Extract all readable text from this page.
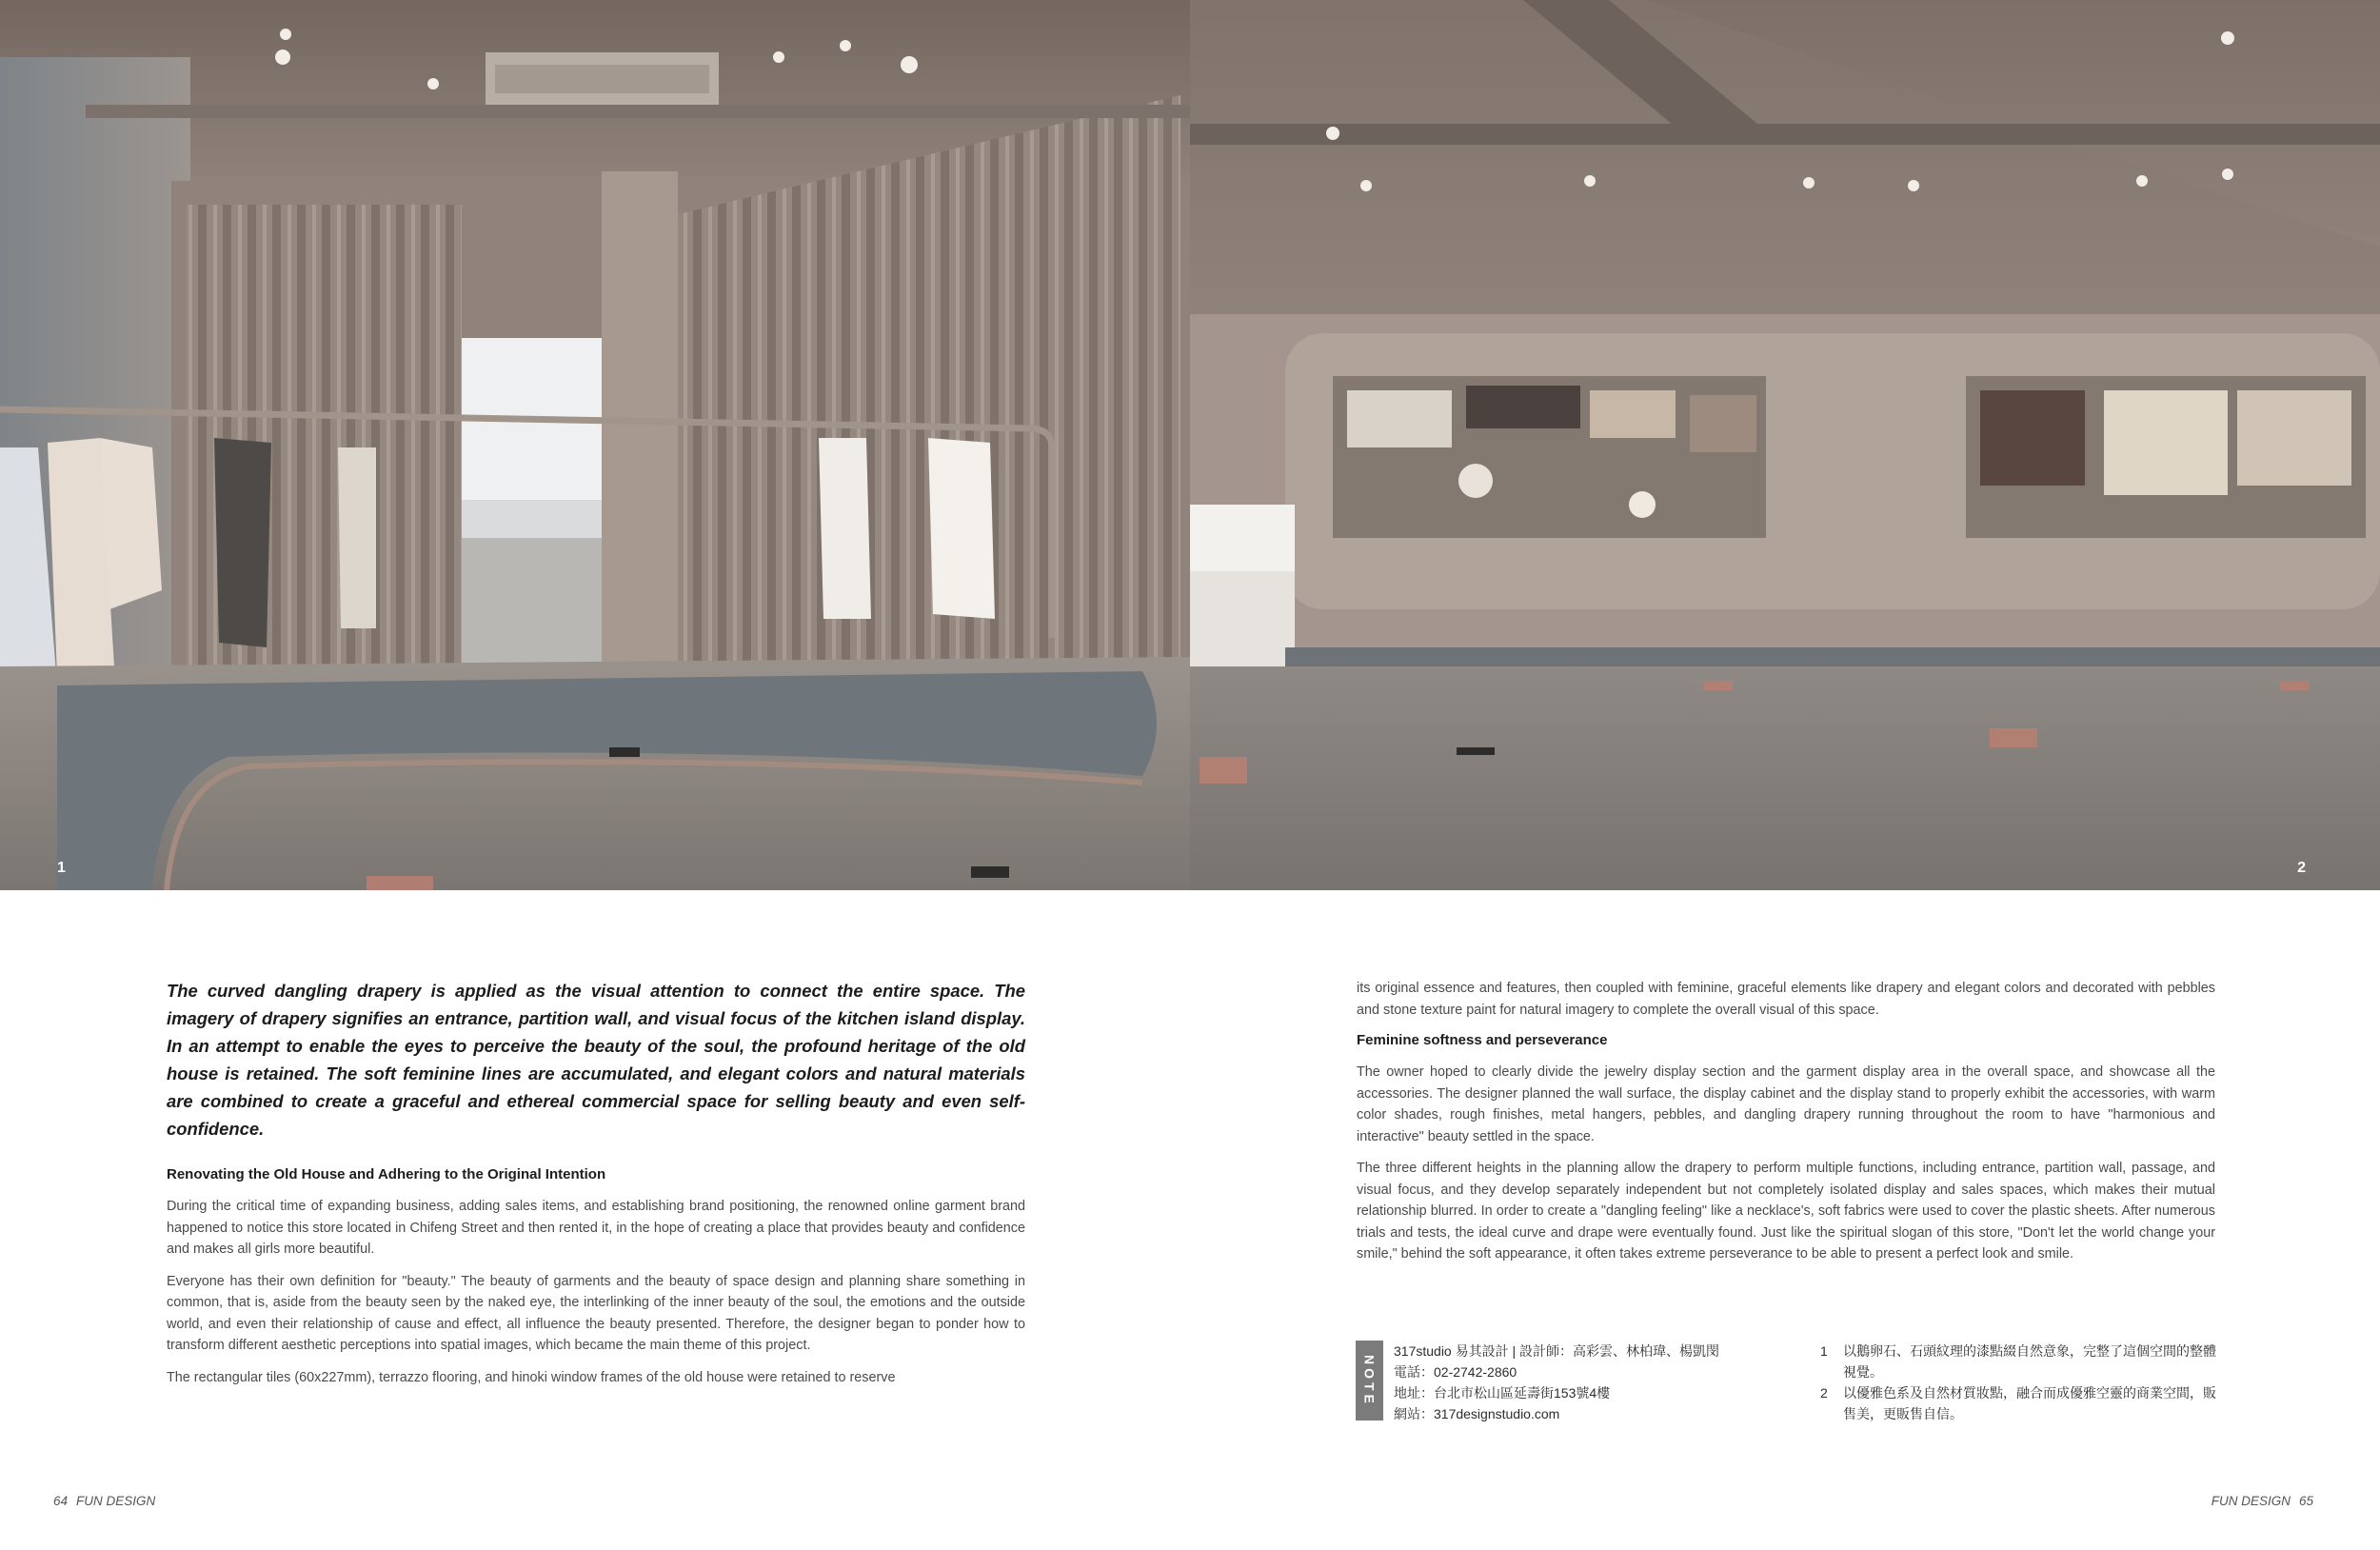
1	2

The curved dangling drapery is applied as the visual attention to connect the entire space. The imagery of drapery signifies an entrance, partition wall, and visual focus of the kitchen island display. In an attempt to enable the eyes to perceive the beauty of the soul, the profound heritage of the old house is retained. The soft feminine lines are accumulated, and elegant colors and natural materials are combined to create a graceful and ethereal commercial space for selling beauty and even self-confidence.

Renovating the Old House and Adhering to the Original Intention

During the critical time of expanding business, adding sales items, and establishing brand positioning, the renowned online garment brand happened to notice this store located in Chifeng Street and then rented it, in the hope of creating a place that provides beauty and confidence and makes all girls more beautiful.

Everyone has their own definition for "beauty." The beauty of garments and the beauty of space design and planning share something in common, that is, aside from the beauty seen by the naked eye, the interlinking of the inner beauty of the soul, the emotions and the outside world, and even their relationship of cause and effect, all influence the beauty presented. Therefore, the designer began to ponder how to transform different aesthetic perceptions into spatial images, which became the main theme of this project.

The rectangular tiles (60x227mm), terrazzo flooring, and hinoki window frames of the old house were retained to reserve

its original essence and features, then coupled with feminine, graceful elements like drapery and elegant colors and decorated with pebbles and stone texture paint for natural imagery to complete the overall visual of this space.

Feminine softness and perseverance

The owner hoped to clearly divide the jewelry display section and the garment display area in the overall space, and showcase all the accessories. The designer planned the wall surface, the display cabinet and the display stand to properly exhibit the accessories, with warm color shades, rough finishes, metal hangers, pebbles, and dangling drapery running throughout the room to have "harmonious and interactive" beauty settled in the space.

The three different heights in the planning allow the drapery to perform multiple functions, including entrance, partition wall, passage, and visual focus, and they develop separately independent but not completely isolated display and sales spaces, which makes their mutual relationship blurred. In order to create a "dangling feeling" like a necklace's, soft fabrics were used to cover the plastic sheets. After numerous trials and tests, the ideal curve and drape were eventually found. Just like the spiritual slogan of this store, "Don't let the world change your smile," behind the soft appearance, it often takes extreme perseverance to be able to present a perfect look and smile.

NOTE
317studio 易其設計 | 設計師：高彩雲、林柏瑋、楊凱閔
電話：02-2742-2860
地址：台北市松山區延壽街153號4樓
網站：317designstudio.com
1	以鵝卵石、石頭紋理的漆點綴自然意象，完整了這個空間的整體視覺。
2	以優雅色系及自然材質妝點，融合而成優雅空靈的商業空間，販售美，更販售自信。
64 FUN DESIGN	FUN DESIGN 65
